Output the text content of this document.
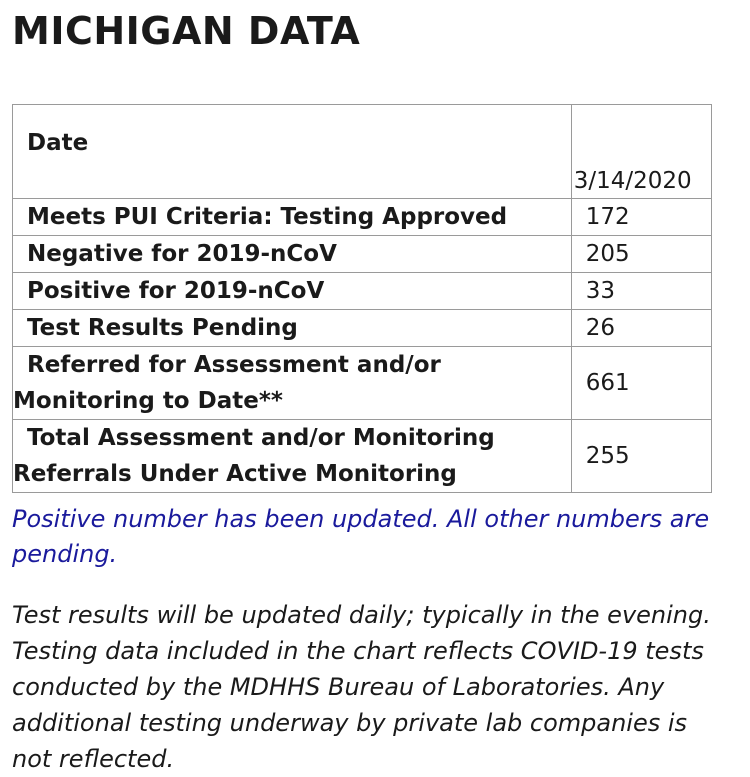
MICHIGAN DATA
Date	3/14/2020
Meets PUI Criteria: Testing Approved	172
Negative for 2019-nCoV	205
Positive for 2019-nCoV	33
Test Results Pending	26
Referred for Assessment and/or Monitoring to Date**	661
Total Assessment and/or Monitoring Referrals Under Active Monitoring	255

Positive number has been updated. All other numbers are pending.

Test results will be updated daily; typically in the evening. Testing data included in the chart reflects COVID-19 tests conducted by the MDHHS Bureau of Laboratories. Any additional testing underway by private lab companies is not reflected.
